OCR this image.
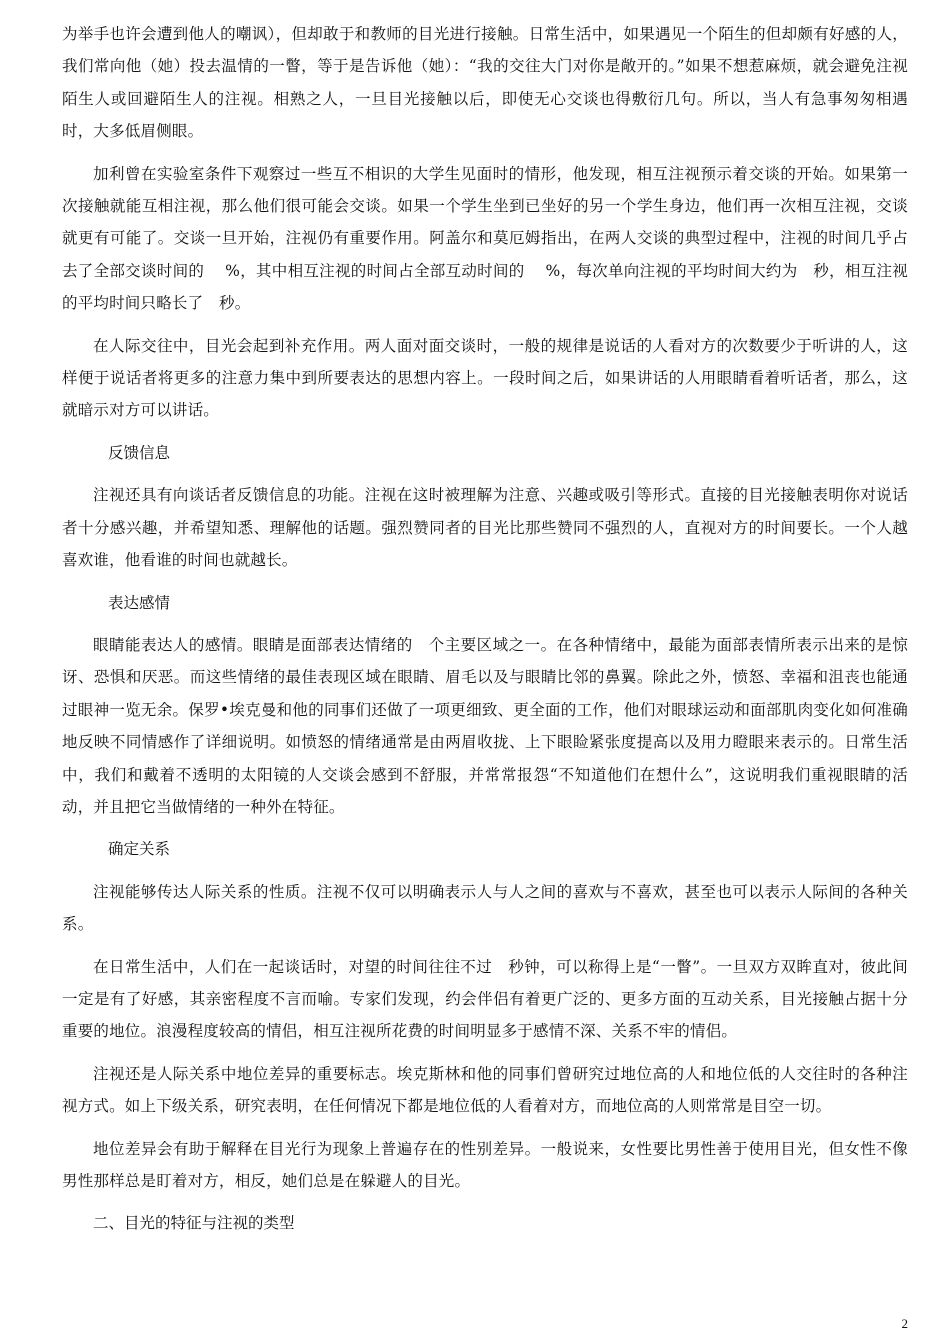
为举手也许会遭到他人的嘲讽），但却敢于和教师的目光进行接触。日常生活中，如果遇见一个陌生的但却颇有好感的人，我们常向他（她）投去温情的一瞥，等于是告诉他（她）：“我的交往大门对你是敞开的。”如果不想惹麻烦，就会避免注视陌生人或回避陌生人的注视。相熟之人，一旦目光接触以后，即使无心交谈也得敷衍几句。所以，当人有急事匆匆相遇时，大多低眉侧眼。

加利曾在实验室条件下观察过一些互不相识的大学生见面时的情形，他发现，相互注视预示着交谈的开始。如果第一次接触就能互相注视，那么他们很可能会交谈。如果一个学生坐到已坐好的另一个学生身边，他们再一次相互注视，交谈就更有可能了。交谈一旦开始，注视仍有重要作用。阿盖尔和莫厄姆指出，在两人交谈的典型过程中，注视的时间几乎占去了全部交谈时间的　 %，其中相互注视的时间占全部互动时间的　 %，每次单向注视的平均时间大约为　秒，相互注视的平均时间只略长了　秒。

在人际交往中，目光会起到补充作用。两人面对面交谈时，一般的规律是说话的人看对方的次数要少于听讲的人，这样便于说话者将更多的注意力集中到所要表达的思想内容上。一段时间之后，如果讲话的人用眼睛看着听话者，那么，这就暗示对方可以讲话。

反馈信息

注视还具有向谈话者反馈信息的功能。注视在这时被理解为注意、兴趣或吸引等形式。直接的目光接触表明你对说话者十分感兴趣，并希望知悉、理解他的话题。强烈赞同者的目光比那些赞同不强烈的人，直视对方的时间要长。一个人越喜欢谁，他看谁的时间也就越长。

表达感情

眼睛能表达人的感情。眼睛是面部表达情绪的　个主要区域之一。在各种情绪中，最能为面部表情所表示出来的是惊讶、恐惧和厌恶。而这些情绪的最佳表现区域在眼睛、眉毛以及与眼睛比邻的鼻翼。除此之外，愤怒、幸福和沮丧也能通过眼神一览无余。保罗•埃克曼和他的同事们还做了一项更细致、更全面的工作，他们对眼球运动和面部肌肉变化如何准确地反映不同情感作了详细说明。如愤怒的情绪通常是由两眉收拢、上下眼睑紧张度提高以及用力瞪眼来表示的。日常生活中，我们和戴着不透明的太阳镜的人交谈会感到不舒服，并常常报怨“不知道他们在想什么”，这说明我们重视眼睛的活动，并且把它当做情绪的一种外在特征。

确定关系

注视能够传达人际关系的性质。注视不仅可以明确表示人与人之间的喜欢与不喜欢，甚至也可以表示人际间的各种关系。

在日常生活中，人们在一起谈话时，对望的时间往往不过　秒钟，可以称得上是“一瞥”。一旦双方双眸直对，彼此间一定是有了好感，其亲密程度不言而喻。专家们发现，约会伴侣有着更广泛的、更多方面的互动关系，目光接触占据十分重要的地位。浪漫程度较高的情侣，相互注视所花费的时间明显多于感情不深、关系不牢的情侣。

注视还是人际关系中地位差异的重要标志。埃克斯林和他的同事们曾研究过地位高的人和地位低的人交往时的各种注视方式。如上下级关系，研究表明，在任何情况下都是地位低的人看着对方，而地位高的人则常常是目空一切。

地位差异会有助于解释在目光行为现象上普遍存在的性别差异。一般说来，女性要比男性善于使用目光，但女性不像男性那样总是盯着对方，相反，她们总是在躲避人的目光。

二、目光的特征与注视的类型

2
